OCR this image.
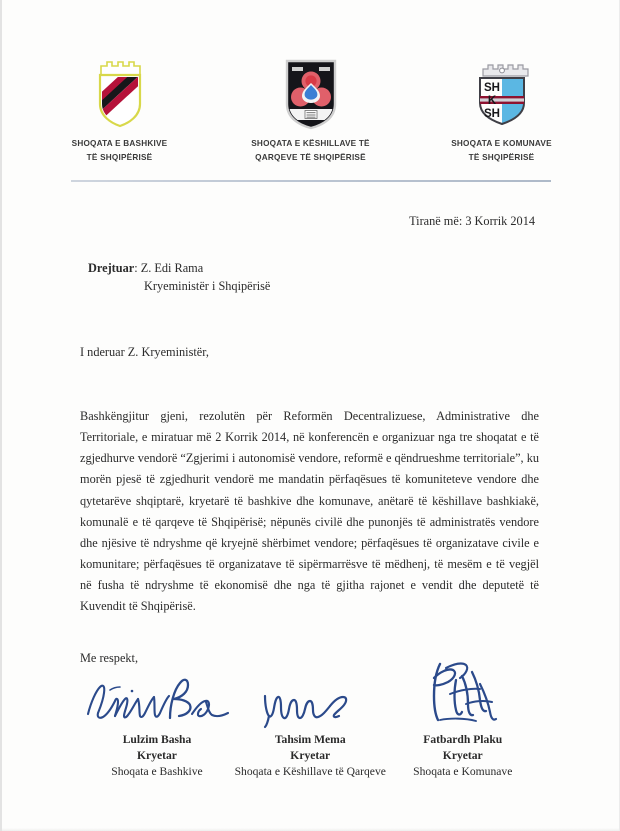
SHOQATA E BASHKIVE
TË SHQIPËRISË
SHOQATA E KËSHILLAVE TË
QARQEVE TË SHQIPËRISË
SH
K
SH
SHOQATA E KOMUNAVE
TË SHQIPËRISË
Tiranë më: 3 Korrik 2014
Drejtuar: Z. Edi Rama
Kryeministër i Shqipërisë
I nderuar Z. Kryeministër,
Bashkëngjitur gjeni, rezolutën për Reformën Decentralizuese, Administrative dhe Territoriale, e miratuar më 2 Korrik 2014, në konferencën e organizuar nga tre shoqatat e të zgjedhurve vendorë “Zgjerimi i autonomisë vendore, reformë e qëndrueshme territoriale”, ku morën pjesë të zgjedhurit vendorë me mandatin përfaqësues të komuniteteve vendore dhe qytetarëve shqiptarë, kryetarë të bashkive dhe komunave, anëtarë të këshillave bashkiakë, komunalë e të qarqeve të Shqipërisë; nëpunës civilë dhe punonjës të administratës vendore dhe njësive të ndryshme që kryejnë shërbimet vendore; përfaqësues të organizatave civile e komunitare; përfaqësues të organizatave të sipërmarrësve të mëdhenj, të mesëm e të vegjël në fusha të ndryshme të ekonomisë dhe nga të gjitha rajonet e vendit dhe deputetë të Kuvendit të Shqipërisë.
Me respekt,
Lulzim Basha
Kryetar
Shoqata e Bashkive
Tahsim Mema
Kryetar
Shoqata e Këshillave të Qarqeve
Fatbardh Plaku
Kryetar
Shoqata e Komunave
